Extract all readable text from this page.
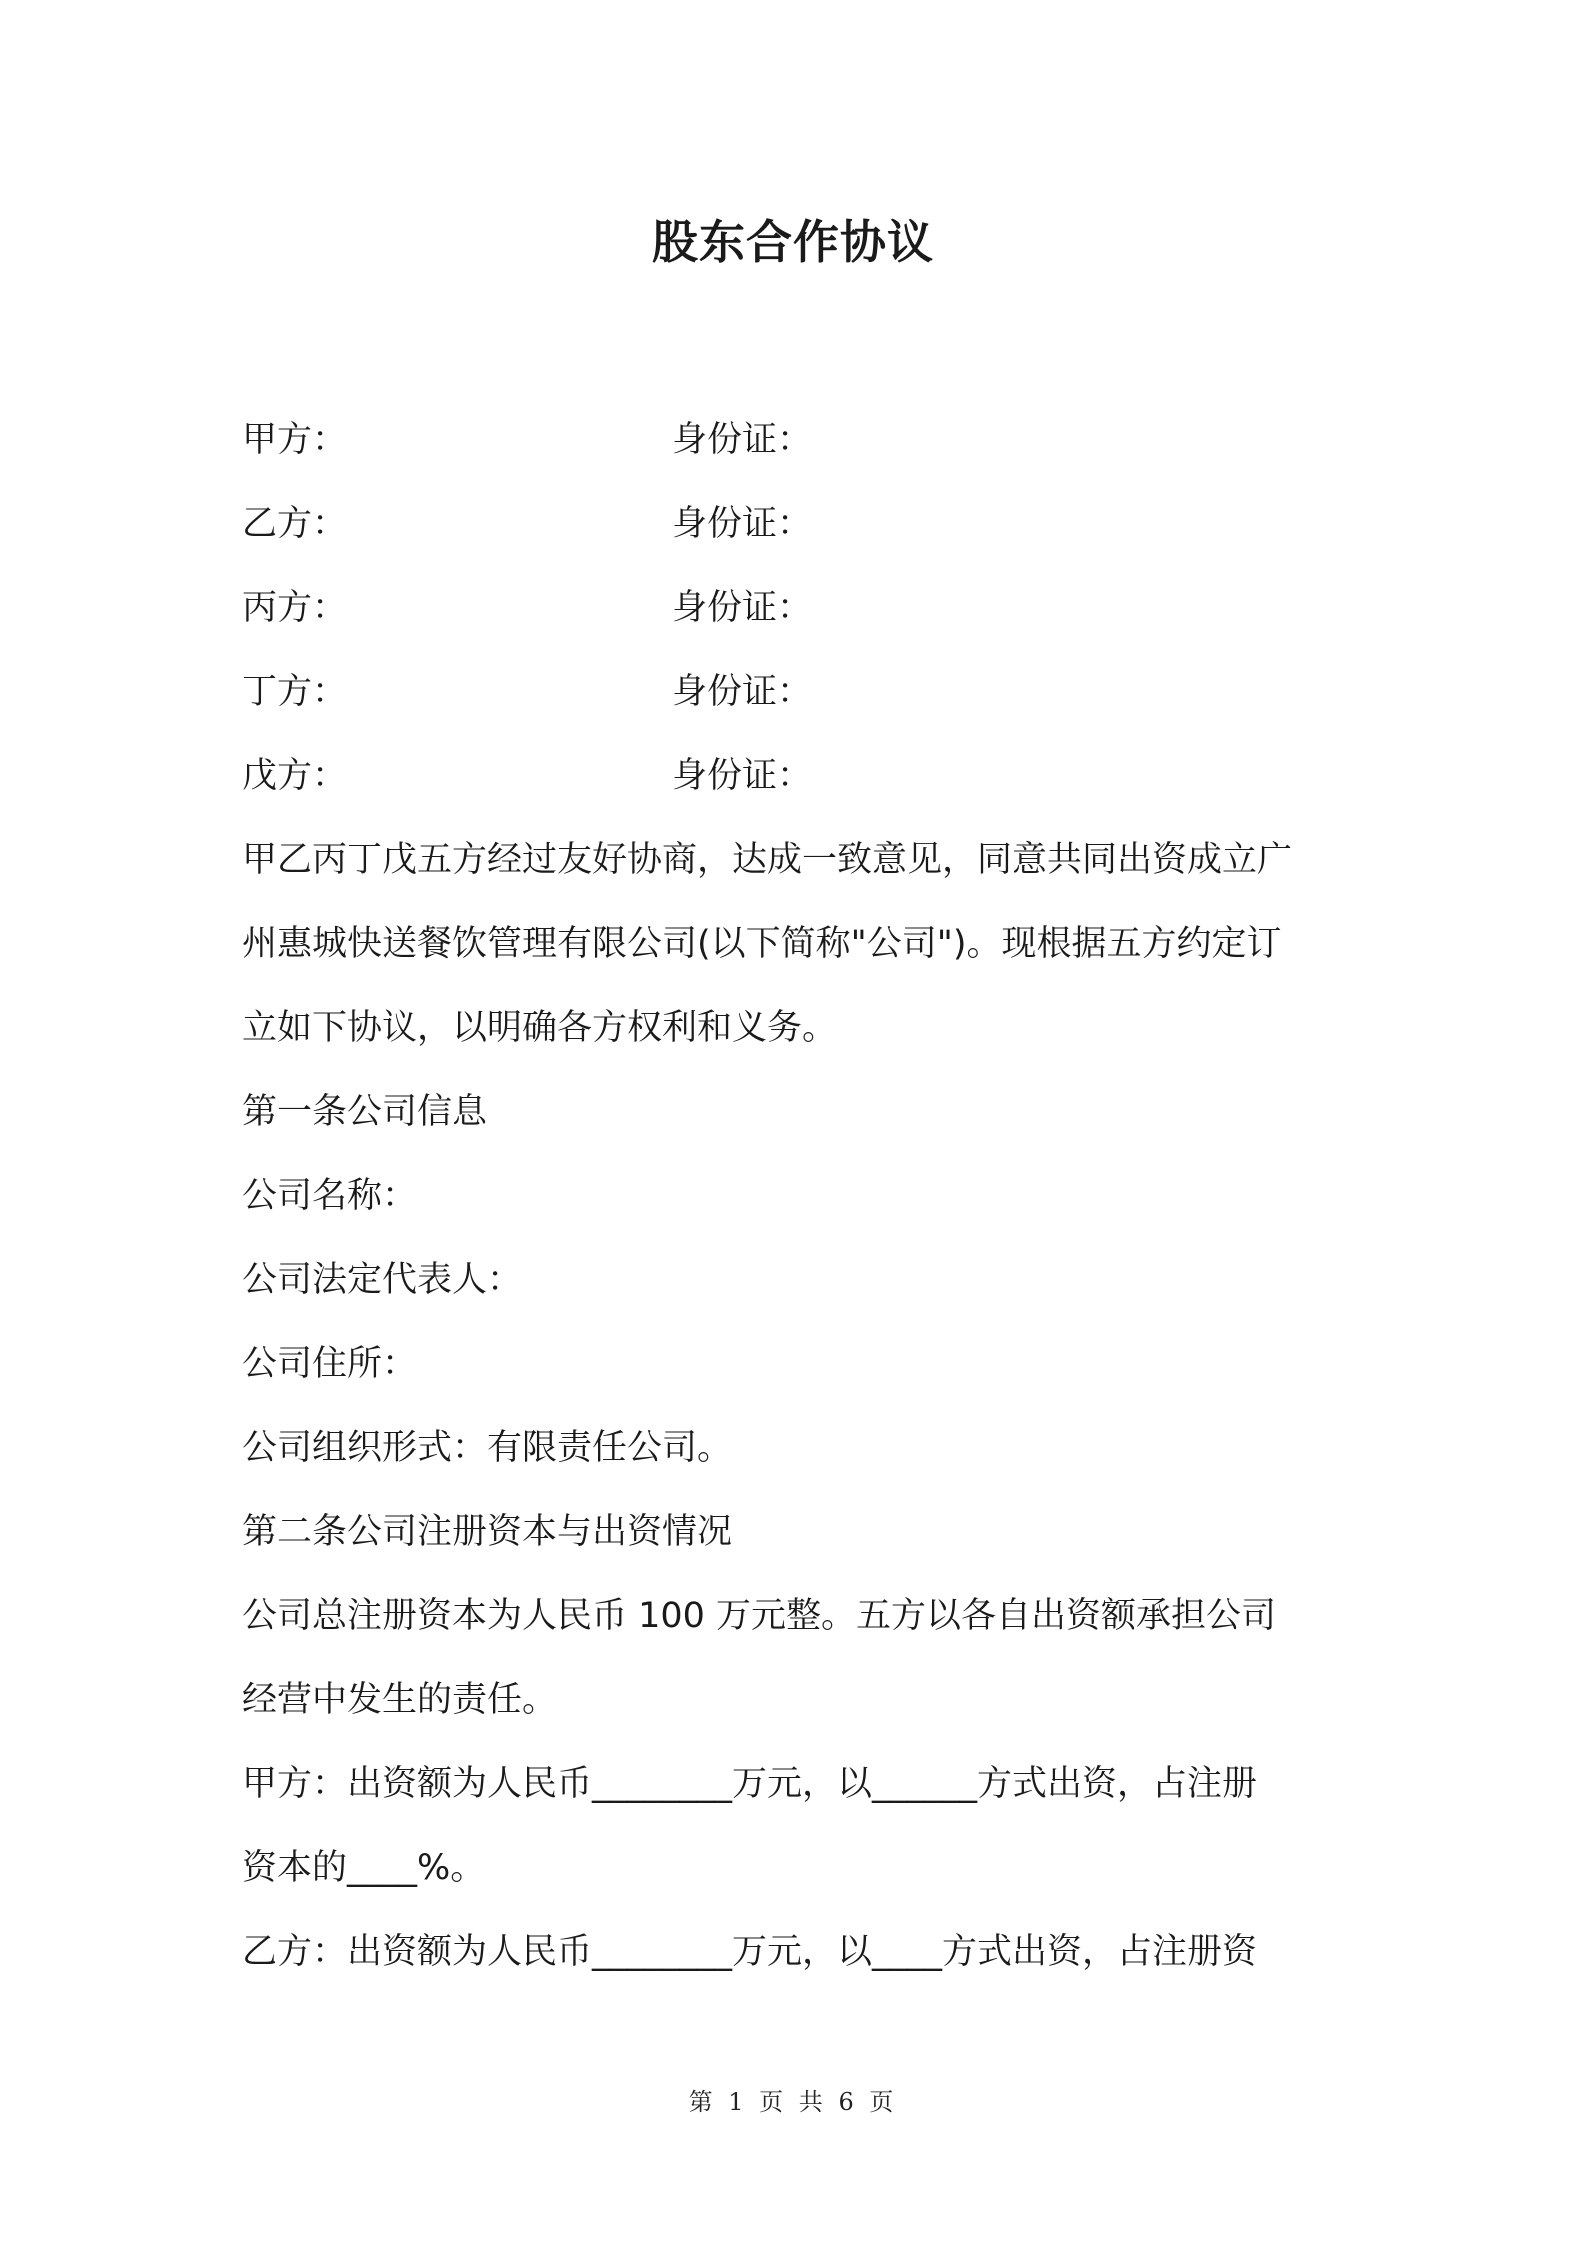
股东合作协议
甲方：	身份证：
乙方：	身份证：
丙方：	身份证：
丁方：	身份证：
戊方：	身份证：
甲乙丙丁戊五方经过友好协商，达成一致意见，同意共同出资成立广
州惠城快送餐饮管理有限公司(以下简称"公司")。现根据五方约定订
立如下协议，以明确各方权利和义务。
第一条公司信息
公司名称：
公司法定代表人：
公司住所：
公司组织形式：有限责任公司。
第二条公司注册资本与出资情况
公司总注册资本为人民币 100 万元整。五方以各自出资额承担公司
经营中发生的责任。
甲方：出资额为人民币________万元，以______方式出资，占注册
资本的____%。
乙方：出资额为人民币________万元，以____方式出资，占注册资
第 1 页 共 6 页
